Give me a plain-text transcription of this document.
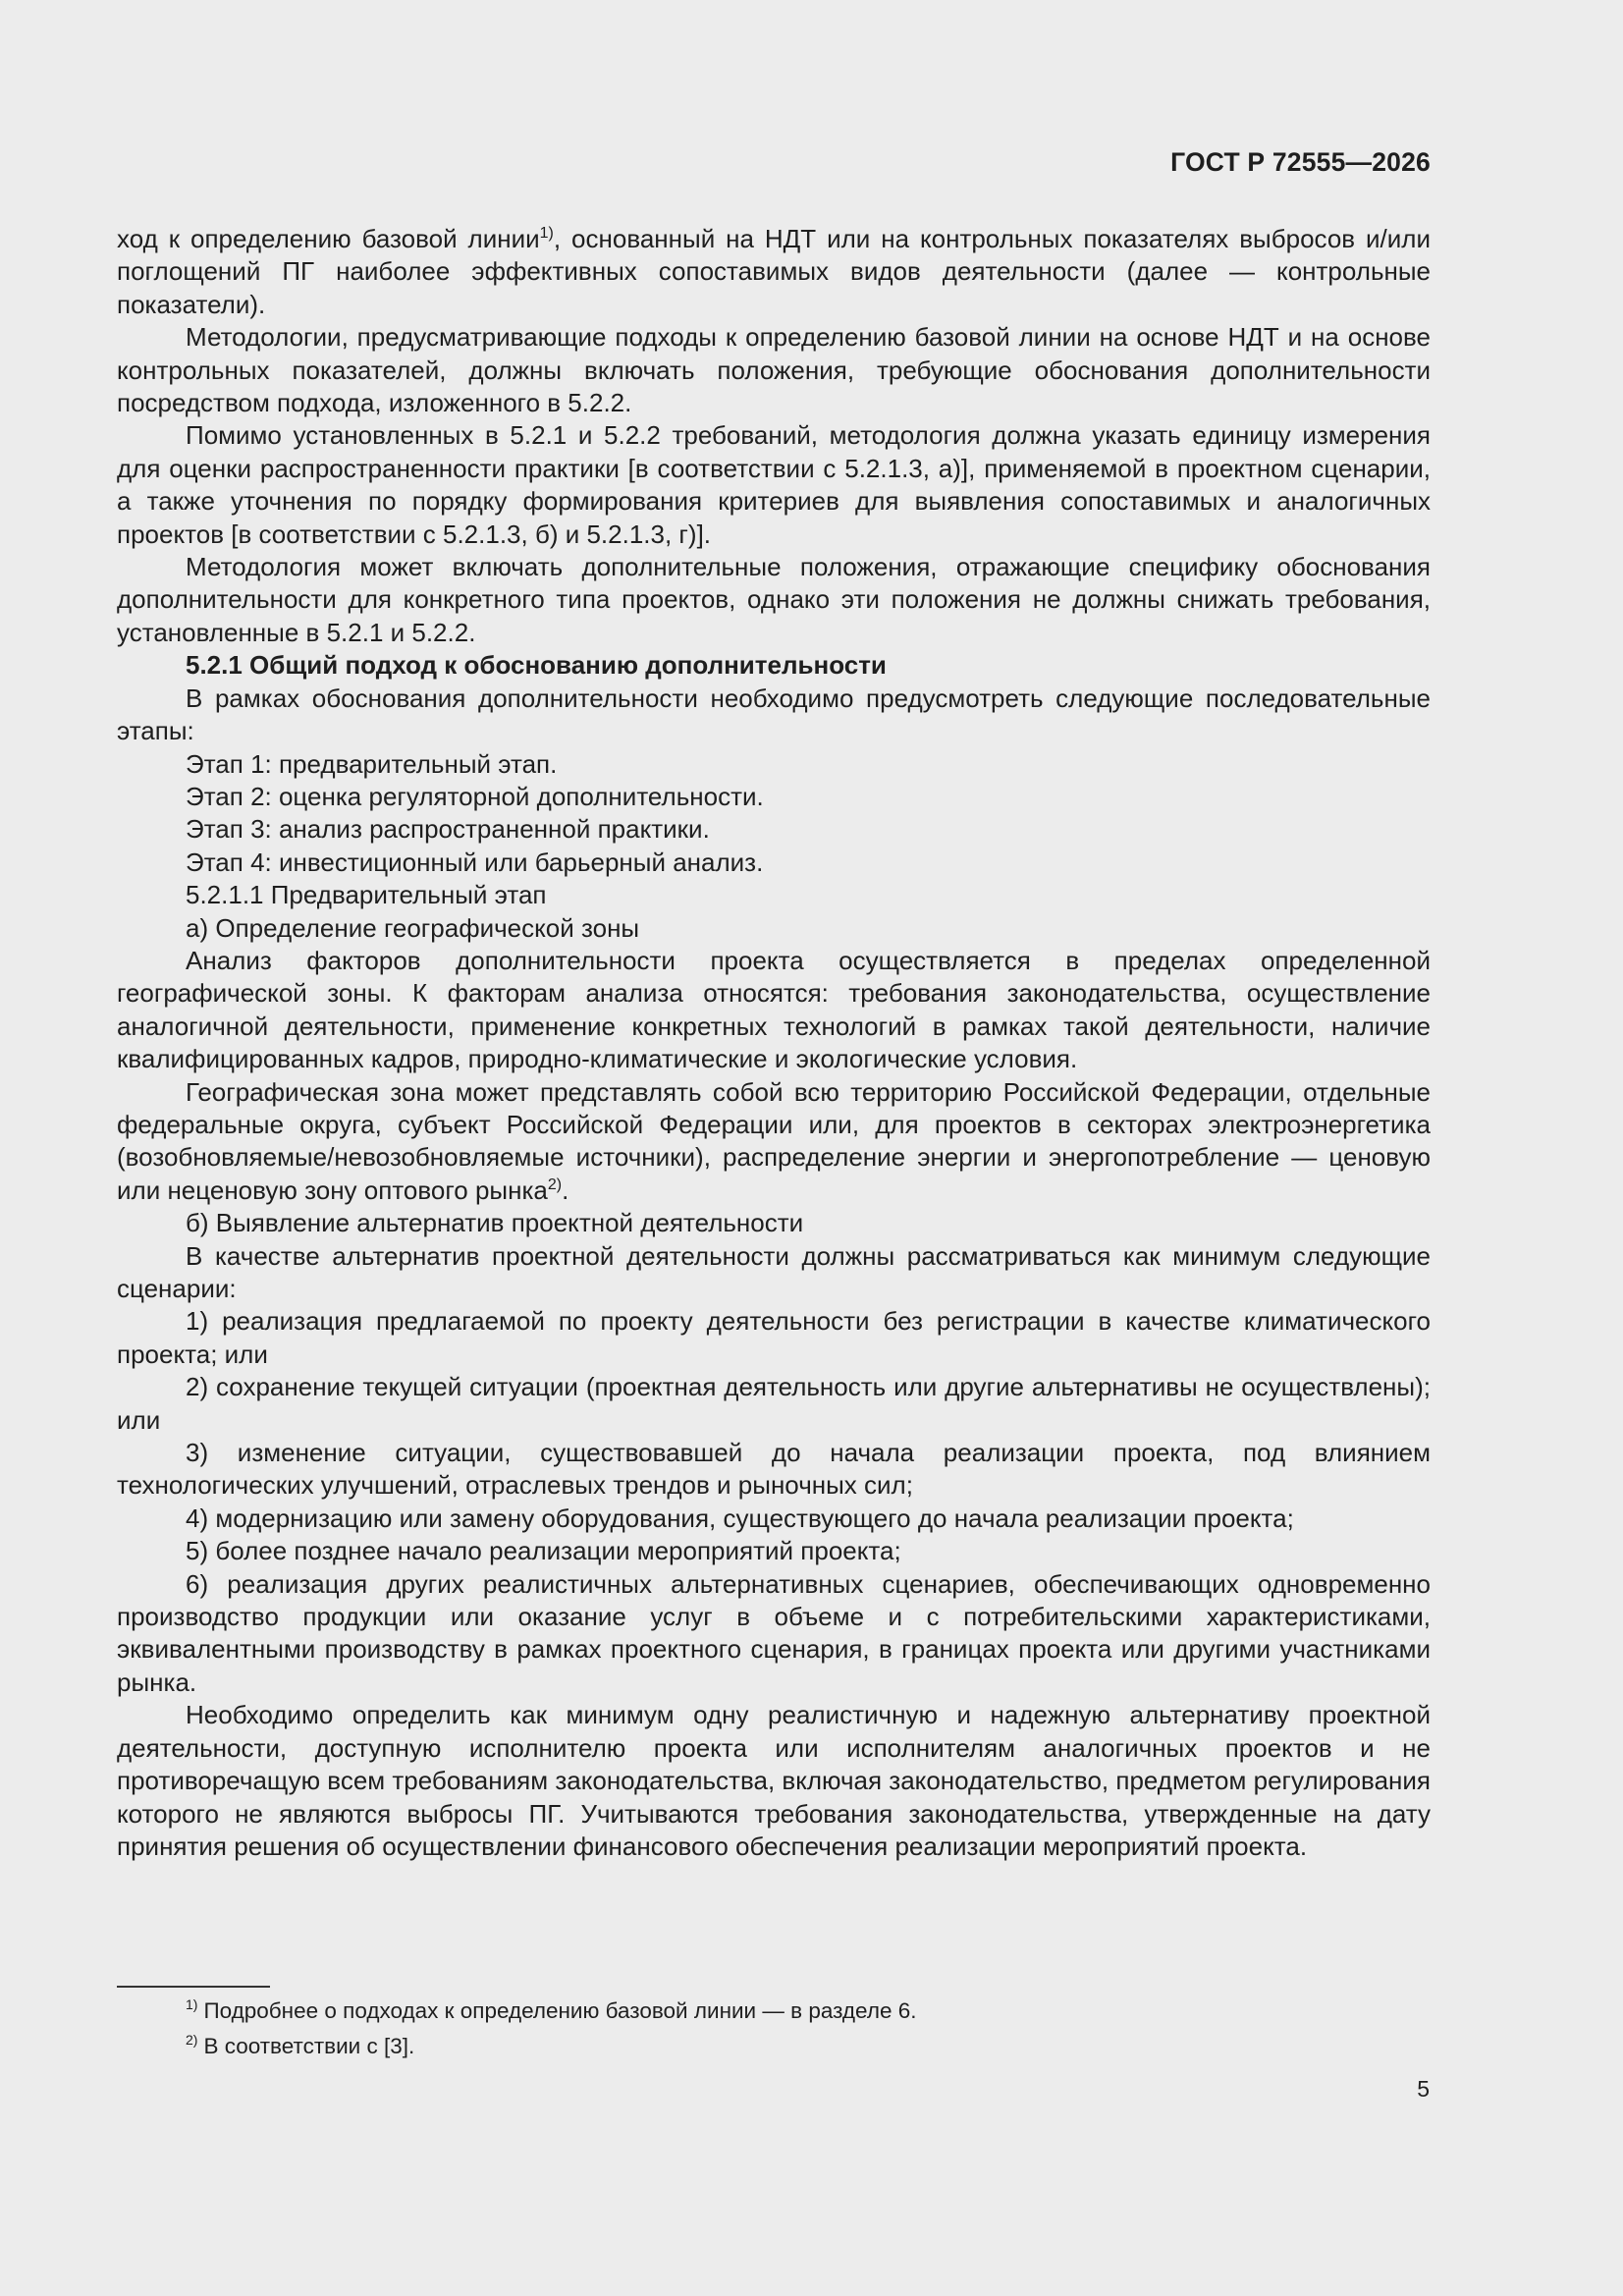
ГОСТ Р 72555—2026

ход к определению базовой линии$^{1)}$, основанный на НДТ или на контрольных показателях выбросов и/или поглощений ПГ наиболее эффективных сопоставимых видов деятельности (далее — контрольные показатели).

Методологии, предусматривающие подходы к определению базовой линии на основе НДТ и на основе контрольных показателей, должны включать положения, требующие обоснования дополнительности посредством подхода, изложенного в 5.2.2.

Помимо установленных в 5.2.1 и 5.2.2 требований, методология должна указать единицу измерения для оценки распространенности практики [в соответствии с 5.2.1.3, а)], применяемой в проектном сценарии, а также уточнения по порядку формирования критериев для выявления сопоставимых и аналогичных проектов [в соответствии с 5.2.1.3, б) и 5.2.1.3, г)].

Методология может включать дополнительные положения, отражающие специфику обоснования дополнительности для конкретного типа проектов, однако эти положения не должны снижать требования, установленные в 5.2.1 и 5.2.2.

5.2.1 Общий подход к обоснованию дополнительности

В рамках обоснования дополнительности необходимо предусмотреть следующие последовательные этапы:

Этап 1: предварительный этап.

Этап 2: оценка регуляторной дополнительности.

Этап 3: анализ распространенной практики.

Этап 4: инвестиционный или барьерный анализ.

5.2.1.1 Предварительный этап

а) Определение географической зоны

Анализ факторов дополнительности проекта осуществляется в пределах определенной географической зоны. К факторам анализа относятся: требования законодательства, осуществление аналогичной деятельности, применение конкретных технологий в рамках такой деятельности, наличие квалифицированных кадров, природно-климатические и экологические условия.

Географическая зона может представлять собой всю территорию Российской Федерации, отдельные федеральные округа, субъект Российской Федерации или, для проектов в секторах электроэнергетика (возобновляемые/невозобновляемые источники), распределение энергии и энергопотребление — ценовую или неценовую зону оптового рынка$^{2)}$.

б) Выявление альтернатив проектной деятельности

В качестве альтернатив проектной деятельности должны рассматриваться как минимум следующие сценарии:

1) реализация предлагаемой по проекту деятельности без регистрации в качестве климатического проекта; или

2) сохранение текущей ситуации (проектная деятельность или другие альтернативы не осуществлены); или

3) изменение ситуации, существовавшей до начала реализации проекта, под влиянием технологических улучшений, отраслевых трендов и рыночных сил;

4) модернизацию или замену оборудования, существующего до начала реализации проекта;

5) более позднее начало реализации мероприятий проекта;

6) реализация других реалистичных альтернативных сценариев, обеспечивающих одновременно производство продукции или оказание услуг в объеме и с потребительскими характеристиками, эквивалентными производству в рамках проектного сценария, в границах проекта или другими участниками рынка.

Необходимо определить как минимум одну реалистичную и надежную альтернативу проектной деятельности, доступную исполнителю проекта или исполнителям аналогичных проектов и не противоречащую всем требованиям законодательства, включая законодательство, предметом регулирования которого не являются выбросы ПГ. Учитываются требования законодательства, утвержденные на дату принятия решения об осуществлении финансового обеспечения реализации мероприятий проекта.

$^{1)}$ Подробнее о подходах к определению базовой линии — в разделе 6.

$^{2)}$ В соответствии с [3].

5
